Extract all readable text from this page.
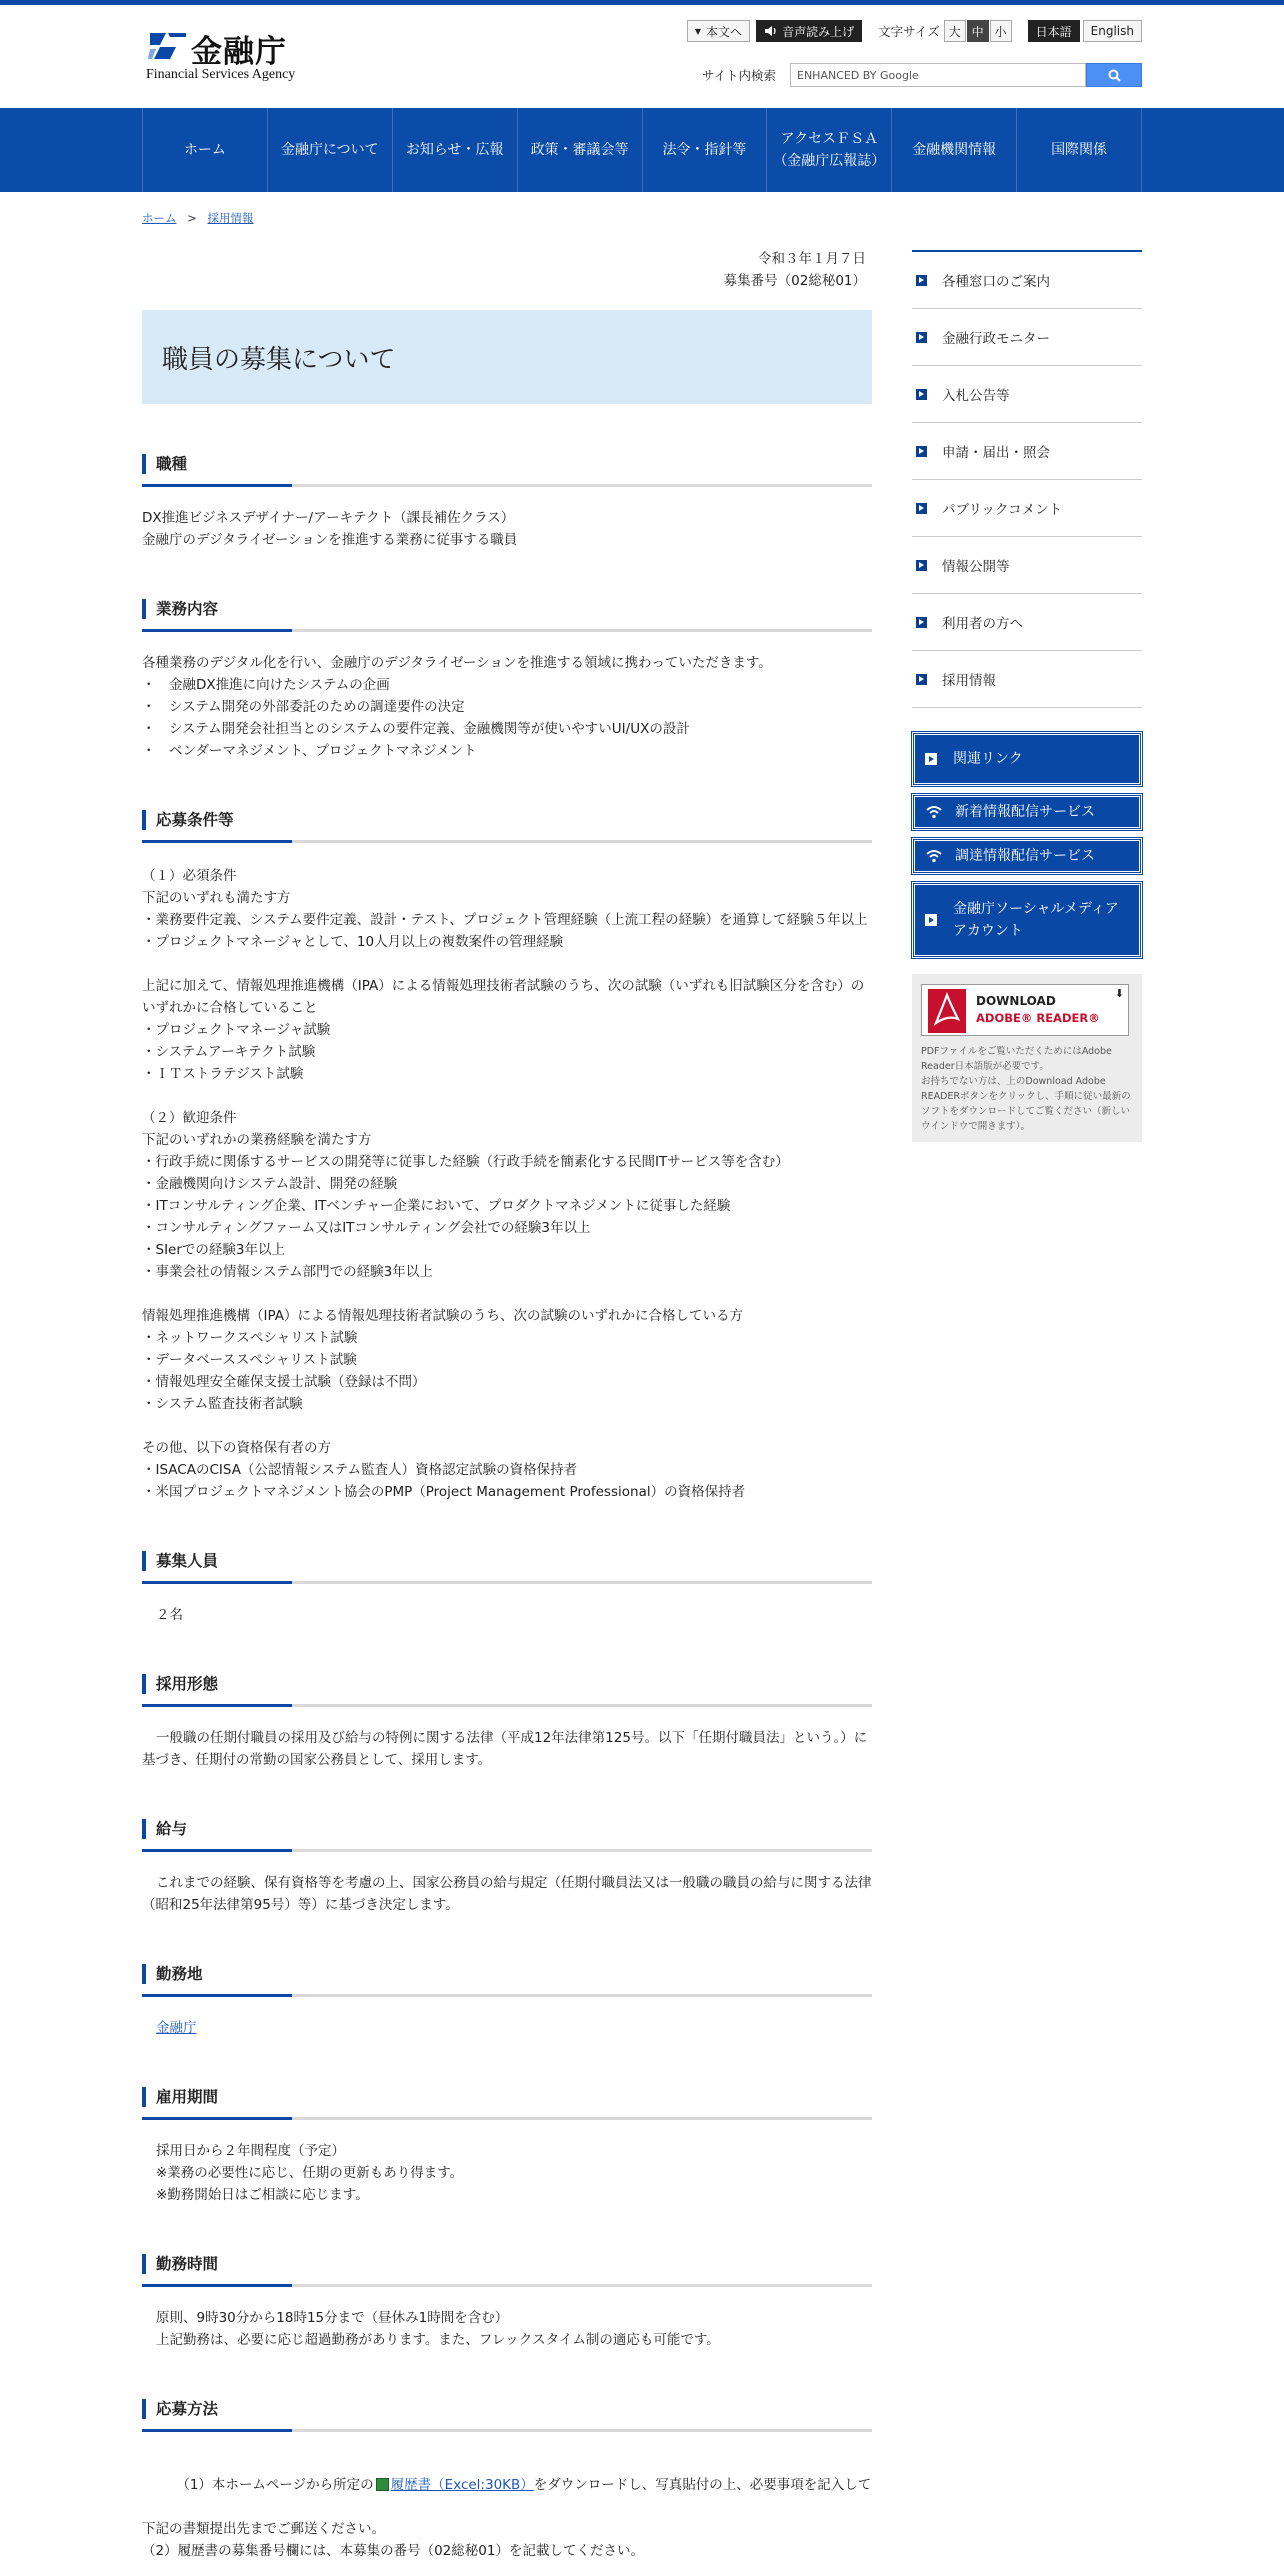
金融庁
Financial Services Agency
▼ 本文へ	音声読み上げ 文字サイズ 大 中 小	日本語	English
サイト内検索	ENHANCED BY Google
ホーム	金融庁について	お知らせ・広報	政策・審議会等	法令・指針等
アクセスＦＳＡ
（金融庁広報誌）
金融機関情報	国際関係
ホーム > 採用情報
令和３年１月７日
募集番号（02総秘01）
職員の募集について
職種

DX推進ビジネスデザイナー/アーキテクト（課長補佐クラス）

金融庁のデジタライゼーションを推進する業務に従事する職員

業務内容

各種業務のデジタル化を行い、金融庁のデジタライゼーションを推進する領域に携わっていただきます。

・　金融DX推進に向けたシステムの企画

・　システム開発の外部委託のための調達要件の決定

・　システム開発会社担当とのシステムの要件定義、金融機関等が使いやすいUI/UXの設計

・　ベンダーマネジメント、プロジェクトマネジメント

応募条件等

（１）必須条件

下記のいずれも満たす方

・業務要件定義、システム要件定義、設計・テスト、プロジェクト管理経験（上流工程の経験）を通算して経験５年以上

・プロジェクトマネージャとして、10人月以上の複数案件の管理経験

上記に加えて、情報処理推進機構（IPA）による情報処理技術者試験のうち、次の試験（いずれも旧試験区分を含む）のいずれかに合格していること

・プロジェクトマネージャ試験

・システムアーキテクト試験

・ＩＴストラテジスト試験

（２）歓迎条件

下記のいずれかの業務経験を満たす方

・行政手続に関係するサービスの開発等に従事した経験（行政手続を簡素化する民間ITサービス等を含む）

・金融機関向けシステム設計、開発の経験

・ITコンサルティング企業、ITベンチャー企業において、プロダクトマネジメントに従事した経験

・コンサルティングファーム又はITコンサルティング会社での経験3年以上

・SIerでの経験3年以上

・事業会社の情報システム部門での経験3年以上

情報処理推進機構（IPA）による情報処理技術者試験のうち、次の試験のいずれかに合格している方

・ネットワークスペシャリスト試験

・データベーススペシャリスト試験

・情報処理安全確保支援士試験（登録は不問）

・システム監査技術者試験

その他、以下の資格保有者の方

・ISACAのCISA（公認情報システム監査人）資格認定試験の資格保持者

・米国プロジェクトマネジメント協会のPMP（Project Management Professional）の資格保持者

募集人員

２名

採用形態

一般職の任期付職員の採用及び給与の特例に関する法律（平成12年法律第125号。以下「任期付職員法」という。）に基づき、任期付の常勤の国家公務員として、採用します。

給与

これまでの経験、保有資格等を考慮の上、国家公務員の給与規定（任期付職員法又は一般職の職員の給与に関する法律（昭和25年法律第95号）等）に基づき決定します。

勤務地
金融庁
雇用期間

採用日から２年間程度（予定）

※業務の必要性に応じ、任期の更新もあり得ます。

※勤務開始日はご相談に応じます。

勤務時間

原則、9時30分から18時15分まで（昼休み1時間を含む）

上記勤務は、必要に応じ超過勤務があります。また、フレックスタイム制の適応も可能です。

応募方法

（1）本ホームページから所定の 履歴書（Excel:30KB）をダウンロードし、写真貼付の上、必要事項を記入して

下記の書類提出先までご郵送ください。

（2）履歴書の募集番号欄には、本募集の番号（02総秘01）を記載してください。

各種窓口のご案内
金融行政モニター
入札公告等
申請・届出・照会
パブリックコメント
情報公開等
利用者の方へ
採用情報
関連リンク
新着情報配信サービス
調達情報配信サービス
金融庁ソーシャルメディア
アカウント
DOWNLOAD
ADOBE® READER®
⬇

PDFファイルをご覧いただくためにはAdobe Reader日本語版が必要です。
お持ちでない方は、上のDownload Adobe READERボタンをクリックし、手順に従い最新のソフトをダウンロードしてご覧ください（新しいウインドウで開きます）。
